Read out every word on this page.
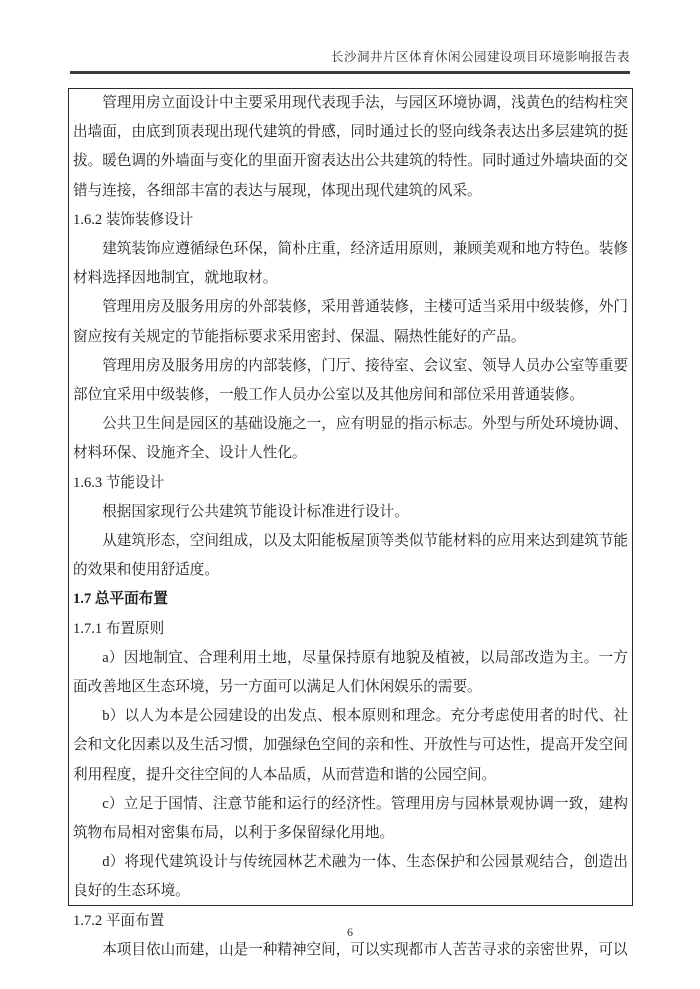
长沙洞井片区体育休闲公园建设项目环境影响报告表
管理用房立面设计中主要采用现代表现手法，与园区环境协调，浅黄色的结构柱突出墙面，由底到顶表现出现代建筑的骨感，同时通过长的竖向线条表达出多层建筑的挺拔。暖色调的外墙面与变化的里面开窗表达出公共建筑的特性。同时通过外墙块面的交错与连接，各细部丰富的表达与展现，体现出现代建筑的风采。
1.6.2 装饰装修设计
建筑装饰应遵循绿色环保，简朴庄重，经济适用原则，兼顾美观和地方特色。装修材料选择因地制宜，就地取材。
管理用房及服务用房的外部装修，采用普通装修，主楼可适当采用中级装修，外门窗应按有关规定的节能指标要求采用密封、保温、隔热性能好的产品。
管理用房及服务用房的内部装修，门厅、接待室、会议室、领导人员办公室等重要部位宜采用中级装修，一般工作人员办公室以及其他房间和部位采用普通装修。
公共卫生间是园区的基础设施之一，应有明显的指示标志。外型与所处环境协调、材料环保、设施齐全、设计人性化。
1.6.3 节能设计
根据国家现行公共建筑节能设计标准进行设计。
从建筑形态，空间组成，以及太阳能板屋顶等类似节能材料的应用来达到建筑节能的效果和使用舒适度。
1.7 总平面布置
1.7.1 布置原则
a）因地制宜、合理利用土地，尽量保持原有地貌及植被，以局部改造为主。一方面改善地区生态环境，另一方面可以满足人们休闲娱乐的需要。
b）以人为本是公园建设的出发点、根本原则和理念。充分考虑使用者的时代、社会和文化因素以及生活习惯，加强绿色空间的亲和性、开放性与可达性，提高开发空间利用程度，提升交往空间的人本品质，从而营造和谐的公园空间。
c）立足于国情、注意节能和运行的经济性。管理用房与园林景观协调一致，建构筑物布局相对密集布局，以利于多保留绿化用地。
d）将现代建筑设计与传统园林艺术融为一体、生态保护和公园景观结合，创造出良好的生态环境。
1.7.2 平面布置
本项目依山而建，山是一种精神空间，可以实现都市人苦苦寻求的亲密世界，可以
6
